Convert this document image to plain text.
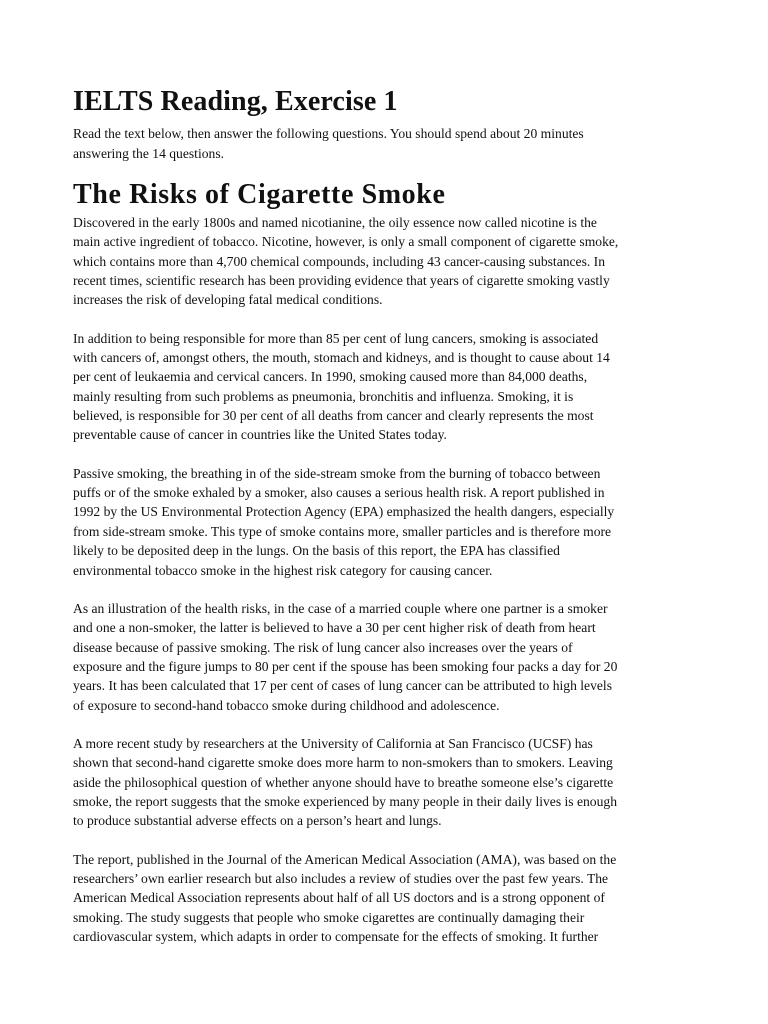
IELTS Reading, Exercise 1

Read the text below, then answer the following questions. You should spend about 20 minutes
answering the 14 questions.

The Risks of Cigarette Smoke

Discovered in the early 1800s and named nicotianine, the oily essence now called nicotine is the
main active ingredient of tobacco. Nicotine, however, is only a small component of cigarette smoke,
which contains more than 4,700 chemical compounds, including 43 cancer-causing substances. In
recent times, scientific research has been providing evidence that years of cigarette smoking vastly
increases the risk of developing fatal medical conditions.

In addition to being responsible for more than 85 per cent of lung cancers, smoking is associated
with cancers of, amongst others, the mouth, stomach and kidneys, and is thought to cause about 14
per cent of leukaemia and cervical cancers. In 1990, smoking caused more than 84,000 deaths,
mainly resulting from such problems as pneumonia, bronchitis and influenza. Smoking, it is
believed, is responsible for 30 per cent of all deaths from cancer and clearly represents the most
preventable cause of cancer in countries like the United States today.

Passive smoking, the breathing in of the side-stream smoke from the burning of tobacco between
puffs or of the smoke exhaled by a smoker, also causes a serious health risk. A report published in
1992 by the US Environmental Protection Agency (EPA) emphasized the health dangers, especially
from side-stream smoke. This type of smoke contains more, smaller particles and is therefore more
likely to be deposited deep in the lungs. On the basis of this report, the EPA has classified
environmental tobacco smoke in the highest risk category for causing cancer.

As an illustration of the health risks, in the case of a married couple where one partner is a smoker
and one a non-smoker, the latter is believed to have a 30 per cent higher risk of death from heart
disease because of passive smoking. The risk of lung cancer also increases over the years of
exposure and the figure jumps to 80 per cent if the spouse has been smoking four packs a day for 20
years. It has been calculated that 17 per cent of cases of lung cancer can be attributed to high levels
of exposure to second-hand tobacco smoke during childhood and adolescence.

A more recent study by researchers at the University of California at San Francisco (UCSF) has
shown that second-hand cigarette smoke does more harm to non-smokers than to smokers. Leaving
aside the philosophical question of whether anyone should have to breathe someone else’s cigarette
smoke, the report suggests that the smoke experienced by many people in their daily lives is enough
to produce substantial adverse effects on a person’s heart and lungs.

The report, published in the Journal of the American Medical Association (AMA), was based on the
researchers’ own earlier research but also includes a review of studies over the past few years. The
American Medical Association represents about half of all US doctors and is a strong opponent of
smoking. The study suggests that people who smoke cigarettes are continually damaging their
cardiovascular system, which adapts in order to compensate for the effects of smoking. It further
